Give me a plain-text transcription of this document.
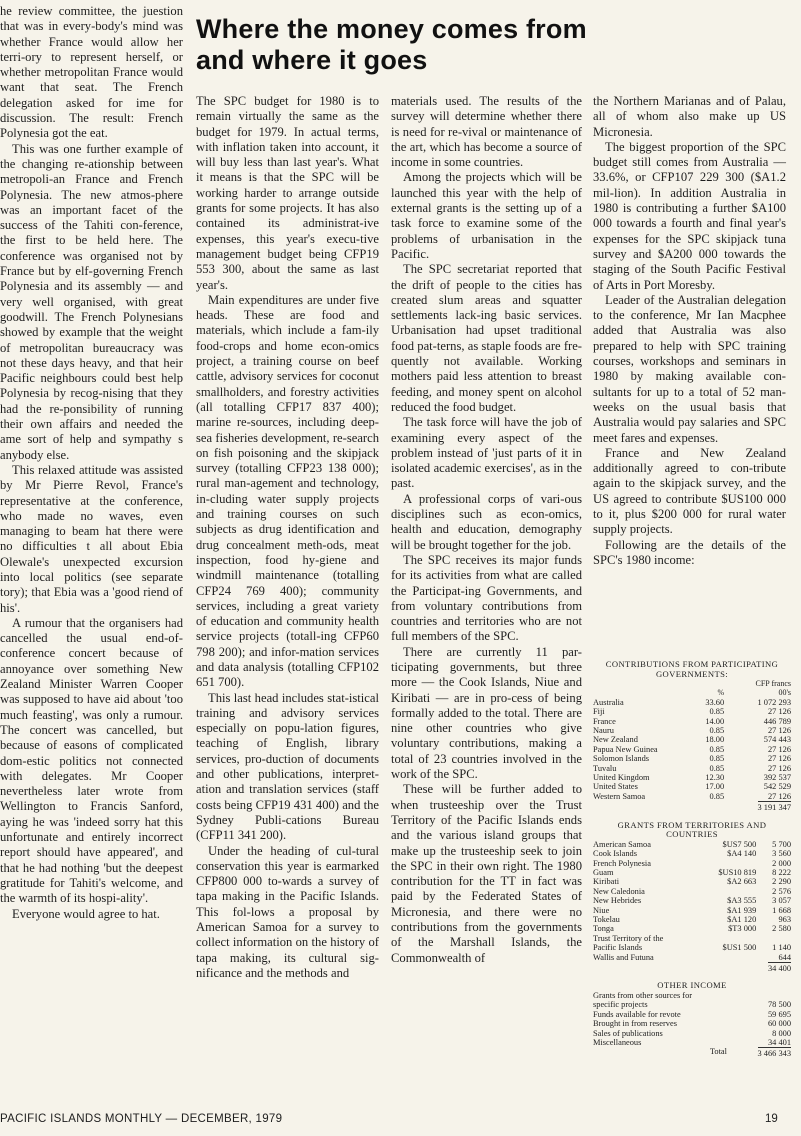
he review committee, the juestion that was in every-body's mind was whether France would allow her terri-ory to represent herself, or whether metropolitan France would want that seat. The French delegation asked for ime for discussion. The result: French Polynesia got the eat.

This was one further example of the changing re-ationship between metropoli-an France and French Polynesia. The new atmos-phere was an important facet of the success of the Tahiti con-ference, the first to be held here. The conference was organised not by France but by elf-governing French Polynesia and its assembly — and very well organised, with great goodwill. The French Polynesians showed by example that the weight of metropolitan bureaucracy was not these days heavy, and that heir Pacific neighbours could best help Polynesia by recog-nising that they had the re-ponsibility of running their own affairs and needed the ame sort of help and sympathy s anybody else.

This relaxed attitude was assisted by Mr Pierre Revol, France's representative at the conference, who made no waves, even managing to beam hat there were no difficulties t all about Ebia Olewale's unexpected excursion into local politics (see separate tory); that Ebia was a 'good riend of his'.

A rumour that the organisers had cancelled the usual end-of-conference concert because of annoyance over something New Zealand Minister Warren Cooper was supposed to have aid about 'too much feasting', was only a rumour. The concert was cancelled, but because of easons of complicated dom-estic politics not connected with delegates. Mr Cooper nevertheless later wrote from Wellington to Francis Sanford, aying he was 'indeed sorry hat this unfortunate and entirely incorrect report should have appeared', and that he had nothing 'but the deepest gratitude for Tahiti's welcome, and the warmth of its hospi-ality'.

Everyone would agree to hat.

Where the money comes from and where it goes

The SPC budget for 1980 is to remain virtually the same as the budget for 1979. In actual terms, with inflation taken into account, it will buy less than last year's. What it means is that the SPC will be working harder to arrange outside grants for some projects. It has also contained its administrat-ive expenses, this year's execu-tive management budget being CFP19 553 300, about the same as last year's.

Main expenditures are under five heads. These are food and materials, which include a fam-ily food-crops and home econ-omics project, a training course on beef cattle, advisory services for coconut smallholders, and forestry activities (all totalling CFP17 837 400); marine re-sources, including deep-sea fisheries development, re-search on fish poisoning and the skipjack survey (totalling CFP23 138 000); rural man-agement and technology, in-cluding water supply projects and training courses on such subjects as drug identification and drug concealment meth-ods, meat inspection, food hy-giene and windmill maintenance (totalling CFP24 769 400); community services, including a great variety of education and community health service projects (totall-ing CFP60 798 200); and infor-mation services and data analysis (totalling CFP102 651 700).

This last head includes stat-istical training and advisory services especially on popu-lation figures, teaching of English, library services, pro-duction of documents and other publications, interpret-ation and translation services (staff costs being CFP19 431 400) and the Sydney Publi-cations Bureau (CFP11 341 200).

Under the heading of cul-tural conservation this year is earmarked CFP800 000 to-wards a survey of tapa making in the Pacific Islands. This fol-lows a proposal by American Samoa for a survey to collect information on the history of tapa making, its cultural sig-nificance and the methods and

materials used. The results of the survey will determine whether there is need for re-vival or maintenance of the art, which has become a source of income in some countries.

Among the projects which will be launched this year with the help of external grants is the setting up of a task force to examine some of the problems of urbanisation in the Pacific.

The SPC secretariat reported that the drift of people to the cities has created slum areas and squatter settlements lack-ing basic services. Urbanisation had upset traditional food pat-terns, as staple foods are fre-quently not available. Working mothers paid less attention to breast feeding, and money spent on alcohol reduced the food budget.

The task force will have the job of examining every aspect of the problem instead of 'just parts of it in isolated academic exercises', as in the past.

A professional corps of vari-ous disciplines such as econ-omics, health and education, demography will be brought together for the job.

The SPC receives its major funds for its activities from what are called the Participat-ing Governments, and from voluntary contributions from countries and territories who are not full members of the SPC.

There are currently 11 par-ticipating governments, but three more — the Cook Islands, Niue and Kiribati — are in pro-cess of being formally added to the total. There are nine other countries who give voluntary contributions, making a total of 23 countries involved in the work of the SPC.

These will be further added to when trusteeship over the Trust Territory of the Pacific Islands ends and the various island groups that make up the trusteeship seek to join the SPC in their own right. The 1980 contribution for the TT in fact was paid by the Federated States of Micronesia, and there were no contributions from the governments of the Marshall Islands, the Commonwealth of

the Northern Marianas and of Palau, all of whom also make up US Micronesia.

The biggest proportion of the SPC budget still comes from Australia — 33.6%, or CFP107 229 300 ($A1.2 mil-lion). In addition Australia in 1980 is contributing a further $A100 000 towards a fourth and final year's expenses for the SPC skipjack tuna survey and $A200 000 towards the staging of the South Pacific Festival of Arts in Port Moresby.

Leader of the Australian delegation to the conference, Mr Ian Macphee added that Australia was also prepared to help with SPC training courses, workshops and seminars in 1980 by making available con-sultants for up to a total of 52 man-weeks on the usual basis that Australia would pay salaries and SPC meet fares and expenses.

France and New Zealand additionally agreed to con-tribute again to the skipjack survey, and the US agreed to contribute $US100 000 to it, plus $200 000 for rural water supply projects.

Following are the details of the SPC's 1980 income:

CONTRIBUTIONS FROM PARTICIPATING GOVERNMENTS:
		CFP francs
	%	00's
Australia	33.60	1 072 293
Fiji	0.85	27 126
France	14.00	446 789
Nauru	0.85	27 126
New Zealand	18.00	574 443
Papua New Guinea	0.85	27 126
Solomon Islands	0.85	27 126
Tuvalu	0.85	27 126
United Kingdom	12.30	392 537
United States	17.00	542 529
Western Samoa	0.85	27 126
		3 191 347
GRANTS FROM TERRITORIES AND COUNTRIES
American Samoa	$US7 500	5 700
Cook Islands	$A4 140	3 560
French Polynesia		2 000
Guam	$US10 819	8 222
Kiribati	$A2 663	2 290
New Caledonia		2 576
New Hebrides	$A3 555	3 057
Niue	$A1 939	1 668
Tokelau	$A1 120	963
Tonga	$T3 000	2 580
Trust Territory of the		
Pacific Islands	$US1 500	1 140
Wallis and Futuna		644
		34 400
OTHER INCOME
Grants from other sources for	
specific projects	78 500
Funds available for revote	59 695
Brought in from reserves	60 000
Sales of publications	8 000
Miscellaneous	34 401
Total	3 466 343
PACIFIC ISLANDS MONTHLY — DECEMBER, 1979	19
